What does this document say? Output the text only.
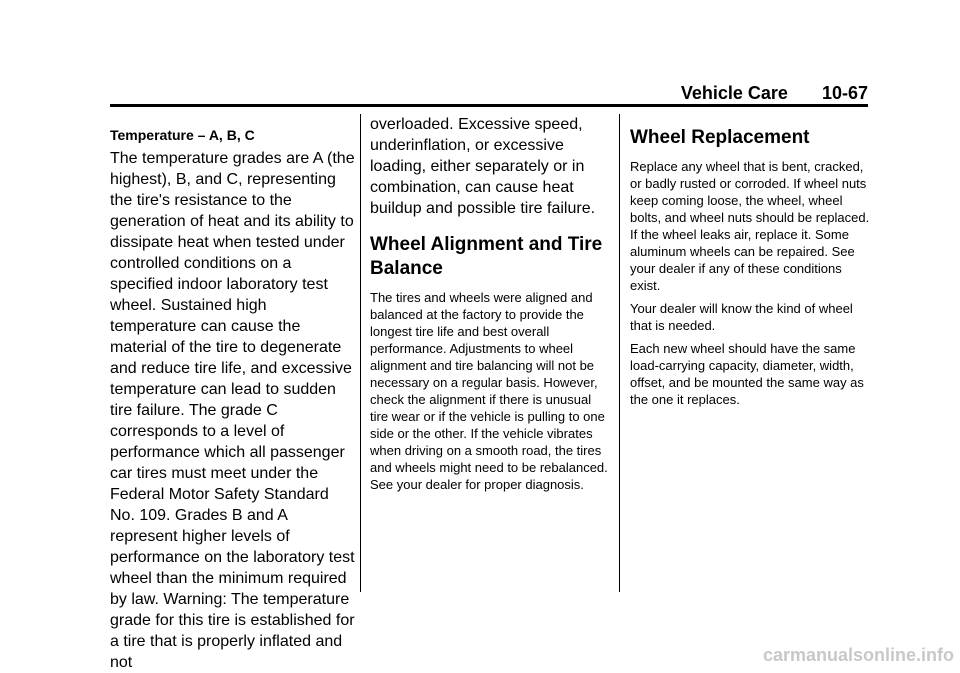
Vehicle Care 10-67
Temperature – A, B, C

The temperature grades are A (the highest), B, and C, representing the tire's resistance to the generation of heat and its ability to dissipate heat when tested under controlled conditions on a specified indoor laboratory test wheel. Sustained high temperature can cause the material of the tire to degenerate and reduce tire life, and excessive temperature can lead to sudden tire failure. The grade C corresponds to a level of performance which all passenger car tires must meet under the Federal Motor Safety Standard No. 109. Grades B and A represent higher levels of performance on the laboratory test wheel than the minimum required by law. Warning: The temperature grade for this tire is established for a tire that is properly inflated and not

overloaded. Excessive speed, underinflation, or excessive loading, either separately or in combination, can cause heat buildup and possible tire failure.

Wheel Alignment and Tire Balance

The tires and wheels were aligned and balanced at the factory to provide the longest tire life and best overall performance. Adjustments to wheel alignment and tire balancing will not be necessary on a regular basis. However, check the alignment if there is unusual tire wear or if the vehicle is pulling to one side or the other. If the vehicle vibrates when driving on a smooth road, the tires and wheels might need to be rebalanced. See your dealer for proper diagnosis.

Wheel Replacement

Replace any wheel that is bent, cracked, or badly rusted or corroded. If wheel nuts keep coming loose, the wheel, wheel bolts, and wheel nuts should be replaced. If the wheel leaks air, replace it. Some aluminum wheels can be repaired. See your dealer if any of these conditions exist.

Your dealer will know the kind of wheel that is needed.

Each new wheel should have the same load-carrying capacity, diameter, width, offset, and be mounted the same way as the one it replaces.

carmanualsonline.info
